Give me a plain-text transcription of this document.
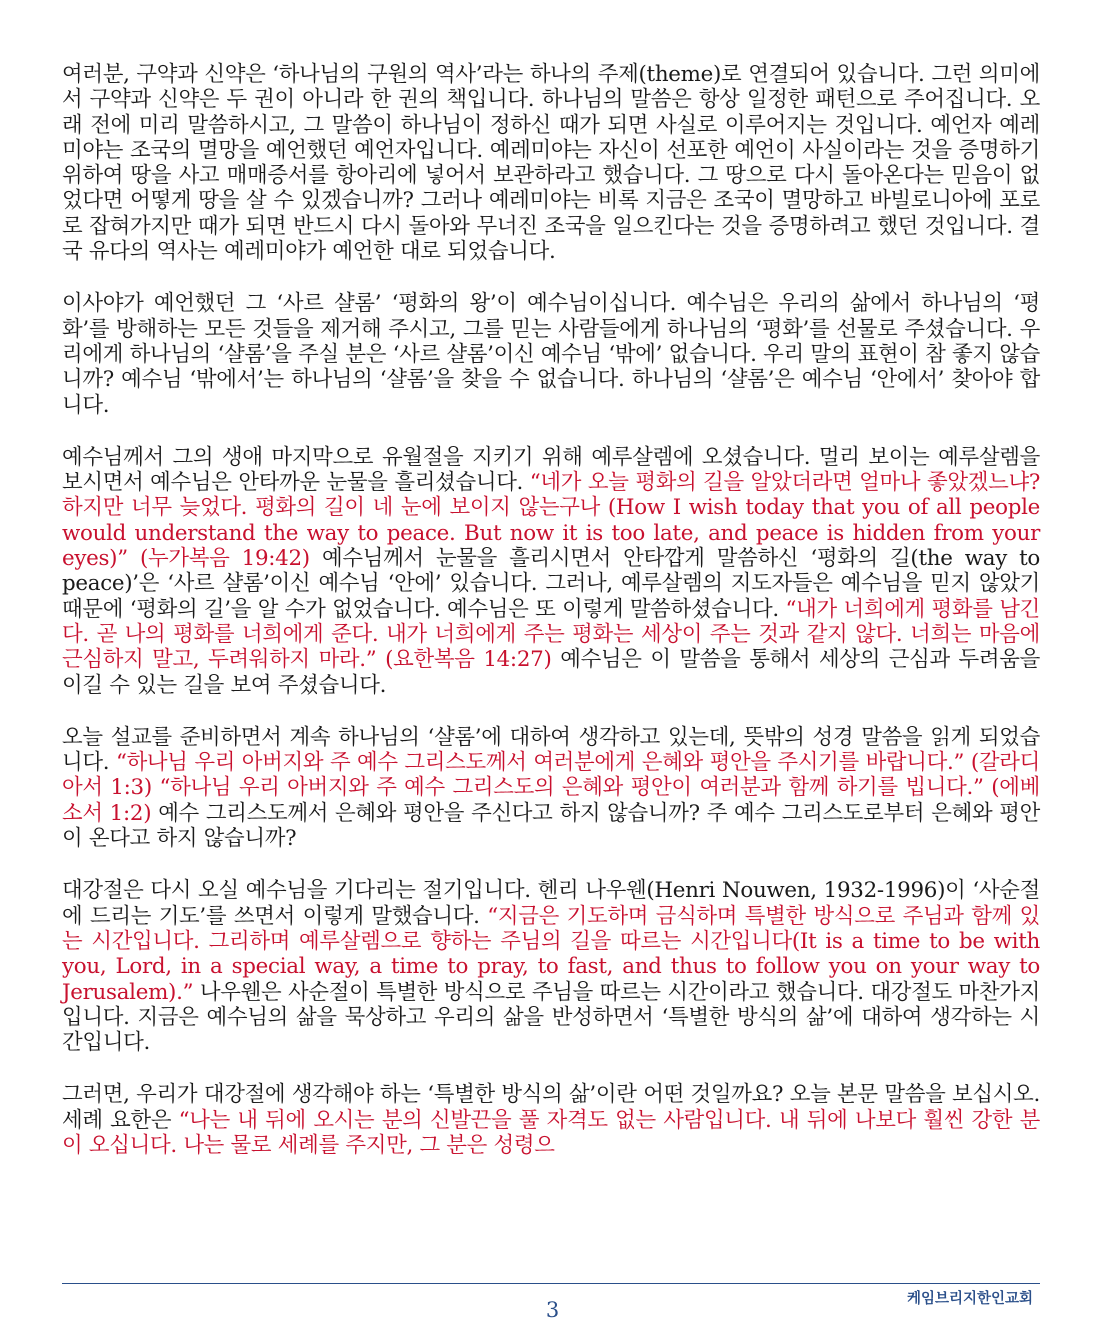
여러분, 구약과 신약은 ‘하나님의 구원의 역사’라는 하나의 주제(theme)로 연결되어 있습니다. 그런 의미에서 구약과 신약은 두 권이 아니라 한 권의 책입니다. 하나님의 말씀은 항상 일정한 패턴으로 주어집니다. 오래 전에 미리 말씀하시고, 그 말씀이 하나님이 정하신 때가 되면 사실로 이루어지는 것입니다. 예언자 예레미야는 조국의 멸망을 예언했던 예언자입니다. 예레미야는 자신이 선포한 예언이 사실이라는 것을 증명하기 위하여 땅을 사고 매매증서를 항아리에 넣어서 보관하라고 했습니다. 그 땅으로 다시 돌아온다는 믿음이 없었다면 어떻게 땅을 살 수 있겠습니까? 그러나 예레미야는 비록 지금은 조국이 멸망하고 바빌로니아에 포로로 잡혀가지만 때가 되면 반드시 다시 돌아와 무너진 조국을 일으킨다는 것을 증명하려고 했던 것입니다. 결국 유다의 역사는 예레미야가 예언한 대로 되었습니다.

이사야가 예언했던 그 ‘사르 샬롬’ ‘평화의 왕’이 예수님이십니다. 예수님은 우리의 삶에서 하나님의 ‘평화’를 방해하는 모든 것들을 제거해 주시고, 그를 믿는 사람들에게 하나님의 ‘평화’를 선물로 주셨습니다. 우리에게 하나님의 ‘샬롬’을 주실 분은 ‘사르 샬롬’이신 예수님 ‘밖에’ 없습니다. 우리 말의 표현이 참 좋지 않습니까? 예수님 ‘밖에서’는 하나님의 ‘샬롬’을 찾을 수 없습니다. 하나님의 ‘샬롬’은 예수님 ‘안에서’ 찾아야 합니다.

예수님께서 그의 생애 마지막으로 유월절을 지키기 위해 예루살렘에 오셨습니다. 멀리 보이는 예루살렘을 보시면서 예수님은 안타까운 눈물을 흘리셨습니다. “네가 오늘 평화의 길을 알았더라면 얼마나 좋았겠느냐? 하지만 너무 늦었다. 평화의 길이 네 눈에 보이지 않는구나 (How I wish today that you of all people would understand the way to peace. But now it is too late, and peace is hidden from your eyes)” (누가복음 19:42) 예수님께서 눈물을 흘리시면서 안타깝게 말씀하신 ‘평화의 길(the way to peace)’은 ‘사르 샬롬’이신 예수님 ‘안에’ 있습니다. 그러나, 예루살렘의 지도자들은 예수님을 믿지 않았기 때문에 ‘평화의 길’을 알 수가 없었습니다. 예수님은 또 이렇게 말씀하셨습니다. “내가 너희에게 평화를 남긴다. 곧 나의 평화를 너희에게 준다. 내가 너희에게 주는 평화는 세상이 주는 것과 같지 않다. 너희는 마음에 근심하지 말고, 두려워하지 마라.” (요한복음 14:27) 예수님은 이 말씀을 통해서 세상의 근심과 두려움을 이길 수 있는 길을 보여 주셨습니다.

오늘 설교를 준비하면서 계속 하나님의 ‘샬롬’에 대하여 생각하고 있는데, 뜻밖의 성경 말씀을 읽게 되었습니다. “하나님 우리 아버지와 주 예수 그리스도께서 여러분에게 은혜와 평안을 주시기를 바랍니다.” (갈라디아서 1:3) “하나님 우리 아버지와 주 예수 그리스도의 은혜와 평안이 여러분과 함께 하기를 빕니다.” (에베소서 1:2) 예수 그리스도께서 은혜와 평안을 주신다고 하지 않습니까? 주 예수 그리스도로부터 은혜와 평안이 온다고 하지 않습니까?

대강절은 다시 오실 예수님을 기다리는 절기입니다. 헨리 나우웬(Henri Nouwen, 1932-1996)이 ‘사순절에 드리는 기도’를 쓰면서 이렇게 말했습니다. “지금은 기도하며 금식하며 특별한 방식으로 주님과 함께 있는 시간입니다. 그리하며 예루살렘으로 향하는 주님의 길을 따르는 시간입니다(It is a time to be with you, Lord, in a special way, a time to pray, to fast, and thus to follow you on your way to Jerusalem).” 나우웬은 사순절이 특별한 방식으로 주님을 따르는 시간이라고 했습니다. 대강절도 마찬가지입니다. 지금은 예수님의 삶을 묵상하고 우리의 삶을 반성하면서 ‘특별한 방식의 삶’에 대하여 생각하는 시간입니다.

그러면, 우리가 대강절에 생각해야 하는 ‘특별한 방식의 삶’이란 어떤 것일까요? 오늘 본문 말씀을 보십시오. 세례 요한은 “나는 내 뒤에 오시는 분의 신발끈을 풀 자격도 없는 사람입니다. 내 뒤에 나보다 훨씬 강한 분이 오십니다. 나는 물로 세례를 주지만, 그 분은 성령으

3	케임브리지한인교회
